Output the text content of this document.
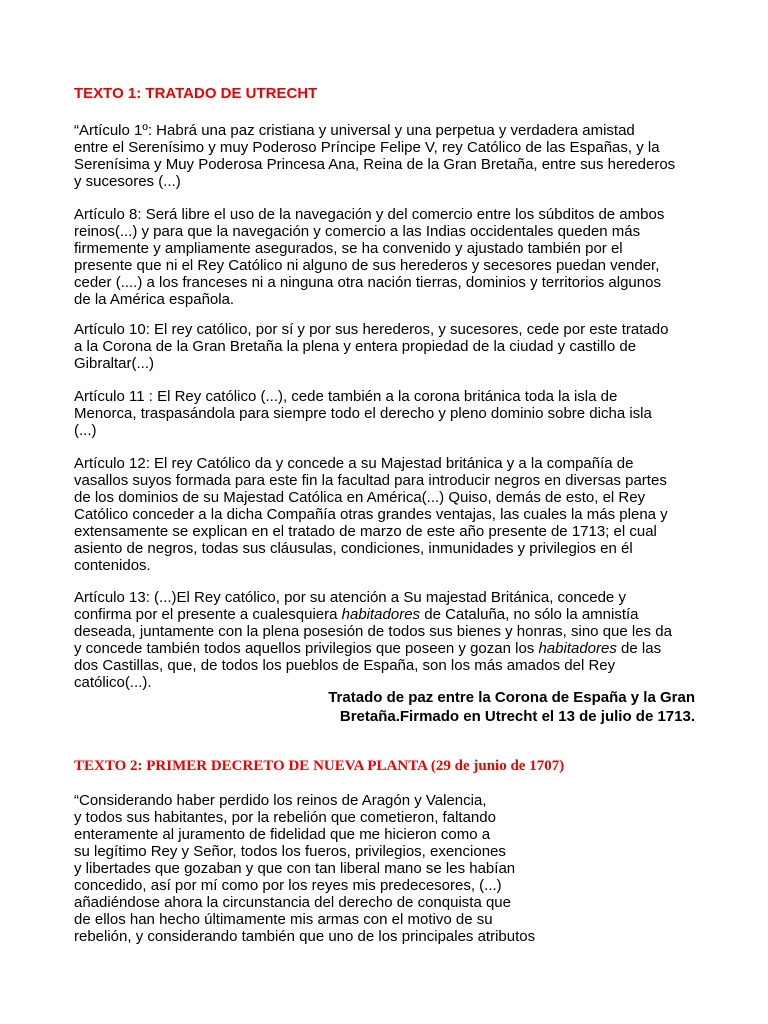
TEXTO 1: TRATADO DE UTRECHT
“Artículo 1º: Habrá una paz cristiana y universal y una perpetua y verdadera amistad
entre el Serenísimo y muy Poderoso Príncipe Felipe V, rey Católico de las Españas, y la
Serenísima y Muy Poderosa Princesa Ana, Reina de la Gran Bretaña, entre sus herederos
y sucesores (...)
Artículo 8: Será libre el uso de la navegación y del comercio entre los súbditos de ambos
reinos(...) y para que la navegación y comercio a las Indias occidentales queden más
firmemente y ampliamente asegurados, se ha convenido y ajustado también por el
presente que ni el Rey Católico ni alguno de sus herederos y secesores puedan vender,
ceder (....) a los franceses ni a ninguna otra nación tierras, dominios y territorios algunos
de la América española.
Artículo 10: El rey católico, por sí y por sus herederos, y sucesores, cede por este tratado
a la Corona de la Gran Bretaña la plena y entera propiedad de la ciudad y castillo de
Gibraltar(...)
Artículo 11 : El Rey católico (...), cede también a la corona británica toda la isla de
Menorca, traspasándola para siempre todo el derecho y pleno dominio sobre dicha isla
(...)
Artículo 12: El rey Católico da y concede a su Majestad británica y a la compañía de
vasallos suyos formada para este fin la facultad para introducir negros en diversas partes
de los dominios de su Majestad Católica en América(...) Quiso, demás de esto, el Rey
Católico conceder a la dicha Compañía otras grandes ventajas, las cuales la más plena y
extensamente se explican en el tratado de marzo de este año presente de 1713; el cual
asiento de negros, todas sus cláusulas, condiciones, inmunidades y privilegios en él
contenidos.
Artículo 13: (...)El Rey católico, por su atención a Su majestad Británica, concede y
confirma por el presente a cualesquiera habitadores de Cataluña, no sólo la amnistía
deseada, juntamente con la plena posesión de todos sus bienes y honras, sino que les da
y concede también todos aquellos privilegios que poseen y gozan los habitadores de las
dos Castillas, que, de todos los pueblos de España, son los más amados del Rey
católico(...).
Tratado de paz entre la Corona de España y la Gran
Bretaña.Firmado en Utrecht el 13 de julio de 1713.
TEXTO 2: PRIMER DECRETO DE NUEVA PLANTA (29 de junio de 1707)
“Considerando haber perdido los reinos de Aragón y Valencia,
y todos sus habitantes, por la rebelión que cometieron, faltando
enteramente al juramento de fidelidad que me hicieron como a
su legítimo Rey y Señor, todos los fueros, privilegios, exenciones
y libertades que gozaban y que con tan liberal mano se les habían
concedido, así por mí como por los reyes mis predecesores, (...)
añadiéndose ahora la circunstancia del derecho de conquista que
de ellos han hecho últimamente mis armas con el motivo de su
rebelión, y considerando también que uno de los principales atributos
